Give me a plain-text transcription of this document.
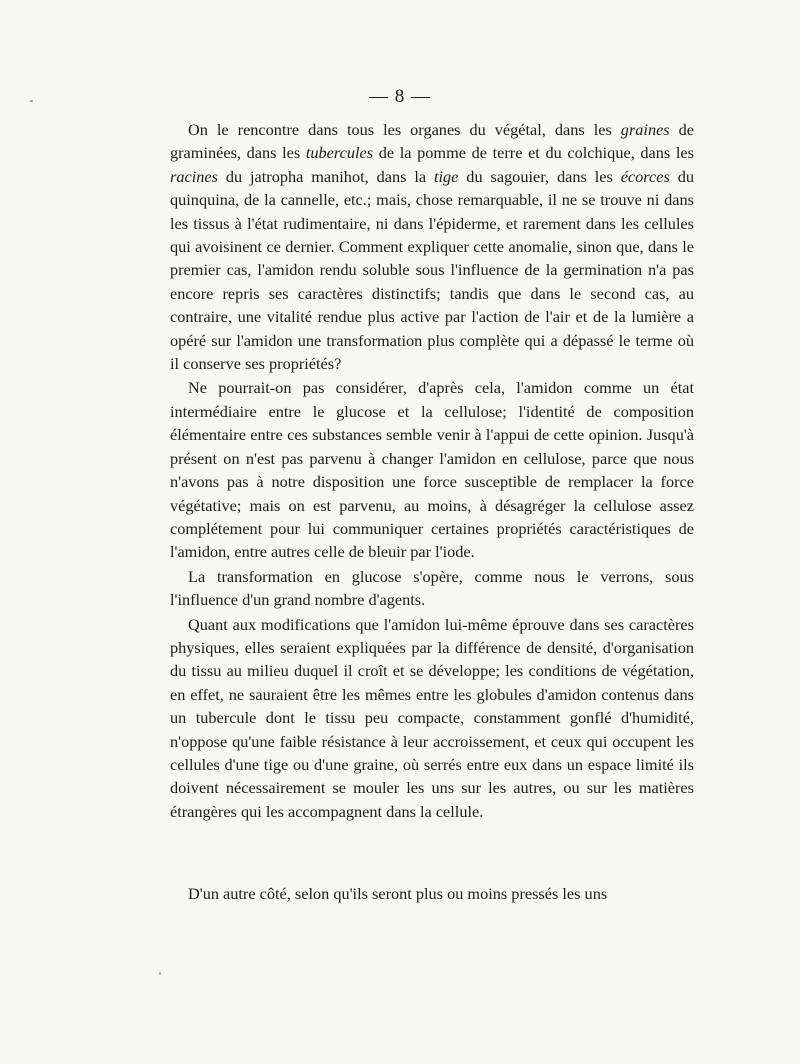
— 8 —

On le rencontre dans tous les organes du végétal, dans les graines de graminées, dans les tubercules de la pomme de terre et du colchique, dans les racines du jatropha manihot, dans la tige du sagouier, dans les écorces du quinquina, de la cannelle, etc.; mais, chose remarquable, il ne se trouve ni dans les tissus à l'état rudimentaire, ni dans l'épiderme, et rarement dans les cellules qui avoisinent ce dernier. Comment expliquer cette anomalie, sinon que, dans le premier cas, l'amidon rendu soluble sous l'influence de la germination n'a pas encore repris ses caractères distinctifs; tandis que dans le second cas, au contraire, une vitalité rendue plus active par l'action de l'air et de la lumière a opéré sur l'amidon une transformation plus complète qui a dépassé le terme où il conserve ses propriétés?

Ne pourrait-on pas considérer, d'après cela, l'amidon comme un état intermédiaire entre le glucose et la cellulose; l'identité de composition élémentaire entre ces substances semble venir à l'appui de cette opinion. Jusqu'à présent on n'est pas parvenu à changer l'amidon en cellulose, parce que nous n'avons pas à notre disposition une force susceptible de remplacer la force végétative; mais on est parvenu, au moins, à désagréger la cellulose assez complétement pour lui communiquer certaines propriétés caractéristiques de l'amidon, entre autres celle de bleuir par l'iode.

La transformation en glucose s'opère, comme nous le verrons, sous l'influence d'un grand nombre d'agents.

Quant aux modifications que l'amidon lui-même éprouve dans ses caractères physiques, elles seraient expliquées par la différence de densité, d'organisation du tissu au milieu duquel il croît et se développe; les conditions de végétation, en effet, ne sauraient être les mêmes entre les globules d'amidon contenus dans un tubercule dont le tissu peu compacte, constamment gonflé d'humidité, n'oppose qu'une faible résistance à leur accroissement, et ceux qui occupent les cellules d'une tige ou d'une graine, où serrés entre eux dans un espace limité ils doivent nécessairement se mouler les uns sur les autres, ou sur les matières étrangères qui les accompagnent dans la cellule.

D'un autre côté, selon qu'ils seront plus ou moins pressés les uns
